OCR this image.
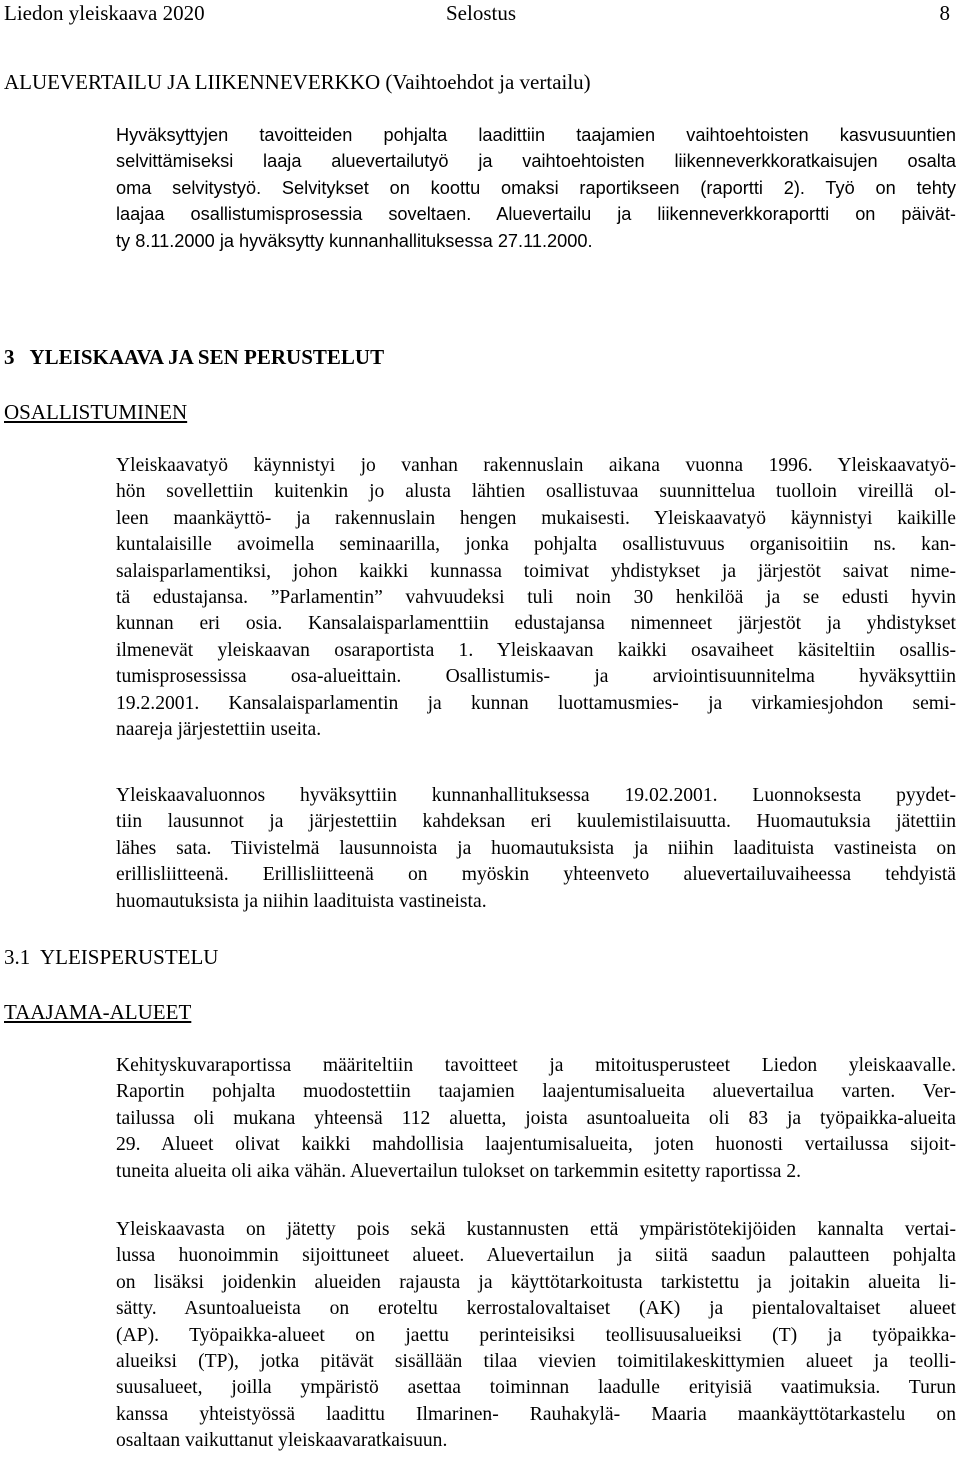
Liedon yleiskaava 2020	Selostus	8
ALUEVERTAILU JA LIIKENNEVERKKO (Vaihtoehdot ja vertailu)
Hyväksyttyjen tavoitteiden pohjalta laadittiin taajamien vaihtoehtoisten kasvusuuntien
selvittämiseksi laaja aluevertailutyö ja vaihtoehtoisten liikenneverkkoratkaisujen osalta
oma selvitystyö. Selvitykset on koottu omaksi raportikseen (raportti 2). Työ on tehty
laajaa osallistumisprosessia soveltaen. Aluevertailu ja liikenneverkkoraportti on päivät-
ty 8.11.2000 ja hyväksytty kunnanhallituksessa 27.11.2000.
3   YLEISKAAVA JA SEN PERUSTELUT
OSALLISTUMINEN
Yleiskaavatyö käynnistyi jo vanhan rakennuslain aikana vuonna 1996. Yleiskaavatyö-
hön sovellettiin kuitenkin jo alusta lähtien osallistuvaa suunnittelua tuolloin vireillä ol-
leen maankäyttö- ja rakennuslain hengen mukaisesti. Yleiskaavatyö käynnistyi kaikille
kuntalaisille avoimella seminaarilla, jonka pohjalta osallistuvuus organisoitiin ns. kan-
salaisparlamentiksi, johon kaikki kunnassa toimivat yhdistykset ja järjestöt saivat nime-
tä edustajansa. ”Parlamentin” vahvuudeksi tuli noin 30 henkilöä ja se edusti hyvin
kunnan eri osia. Kansalaisparlamenttiin edustajansa nimenneet järjestöt ja yhdistykset
ilmenevät yleiskaavan osaraportista 1. Yleiskaavan kaikki osavaiheet käsiteltiin osallis-
tumisprosessissa osa-alueittain. Osallistumis- ja arviointisuunnitelma hyväksyttiin
19.2.2001. Kansalaisparlamentin ja kunnan luottamusmies- ja virkamiesjohdon semi-
naareja järjestettiin useita.
Yleiskaavaluonnos hyväksyttiin kunnanhallituksessa 19.02.2001. Luonnoksesta pyydet-
tiin lausunnot ja järjestettiin kahdeksan eri kuulemistilaisuutta. Huomautuksia jätettiin
lähes sata. Tiivistelmä lausunnoista ja huomautuksista ja niihin laadituista vastineista on
erillisliitteenä. Erillisliitteenä on myöskin yhteenveto aluevertailuvaiheessa tehdyistä
huomautuksista ja niihin laadituista vastineista.
3.1  YLEISPERUSTELU
TAAJAMA-ALUEET
Kehityskuvaraportissa määriteltiin tavoitteet ja mitoitusperusteet Liedon yleiskaavalle.
Raportin pohjalta muodostettiin taajamien laajentumisalueita aluevertailua varten. Ver-
tailussa oli mukana yhteensä 112 aluetta, joista asuntoalueita oli 83 ja työpaikka-alueita
29. Alueet olivat kaikki mahdollisia laajentumisalueita, joten huonosti vertailussa sijoit-
tuneita alueita oli aika vähän. Aluevertailun tulokset on tarkemmin esitetty raportissa 2.
Yleiskaavasta on jätetty pois sekä kustannusten että ympäristötekijöiden kannalta vertai-
lussa huonoimmin sijoittuneet alueet. Aluevertailun ja siitä saadun palautteen pohjalta
on lisäksi joidenkin alueiden rajausta ja käyttötarkoitusta tarkistettu ja joitakin alueita li-
sätty. Asuntoalueista on eroteltu kerrostalovaltaiset (AK) ja pientalovaltaiset alueet
(AP). Työpaikka-alueet on jaettu perinteisiksi teollisuusalueiksi (T) ja työpaikka-
alueiksi (TP), jotka pitävät sisällään tilaa vievien toimitilakeskittymien alueet ja teolli-
suusalueet, joilla ympäristö asettaa toiminnan laadulle erityisiä vaatimuksia. Turun
kanssa yhteistyössä laadittu Ilmarinen- Rauhakylä- Maaria maankäyttötarkastelu on
osaltaan vaikuttanut yleiskaavaratkaisuun.
